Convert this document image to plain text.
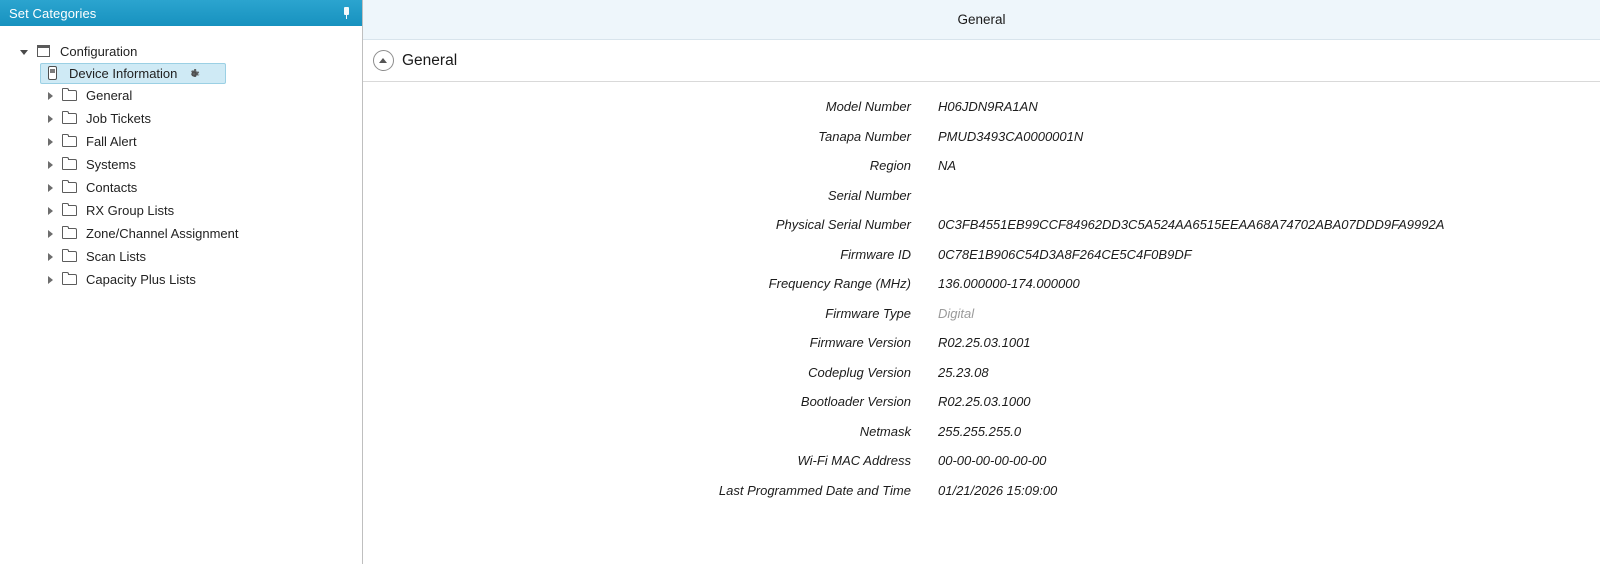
Set Categories
Configuration
Device Information
General
Job Tickets
Fall Alert
Systems
Contacts
RX Group Lists
Zone/Channel Assignment
Scan Lists
Capacity Plus Lists
General
General
Model Number	H06JDN9RA1AN
Tanapa Number	PMUD3493CA0000001N
Region	NA
Serial Number
Physical Serial Number	0C3FB4551EB99CCF84962DD3C5A524AA6515EEAA68A74702ABA07DDD9FA9992A
Firmware ID	0C78E1B906C54D3A8F264CE5C4F0B9DF
Frequency Range (MHz)	136.000000-174.000000
Firmware Type	Digital
Firmware Version	R02.25.03.1001
Codeplug Version	25.23.08
Bootloader Version	R02.25.03.1000
Netmask	255.255.255.0
Wi-Fi MAC Address	00-00-00-00-00-00
Last Programmed Date and Time	01/21/2026 15:09:00
